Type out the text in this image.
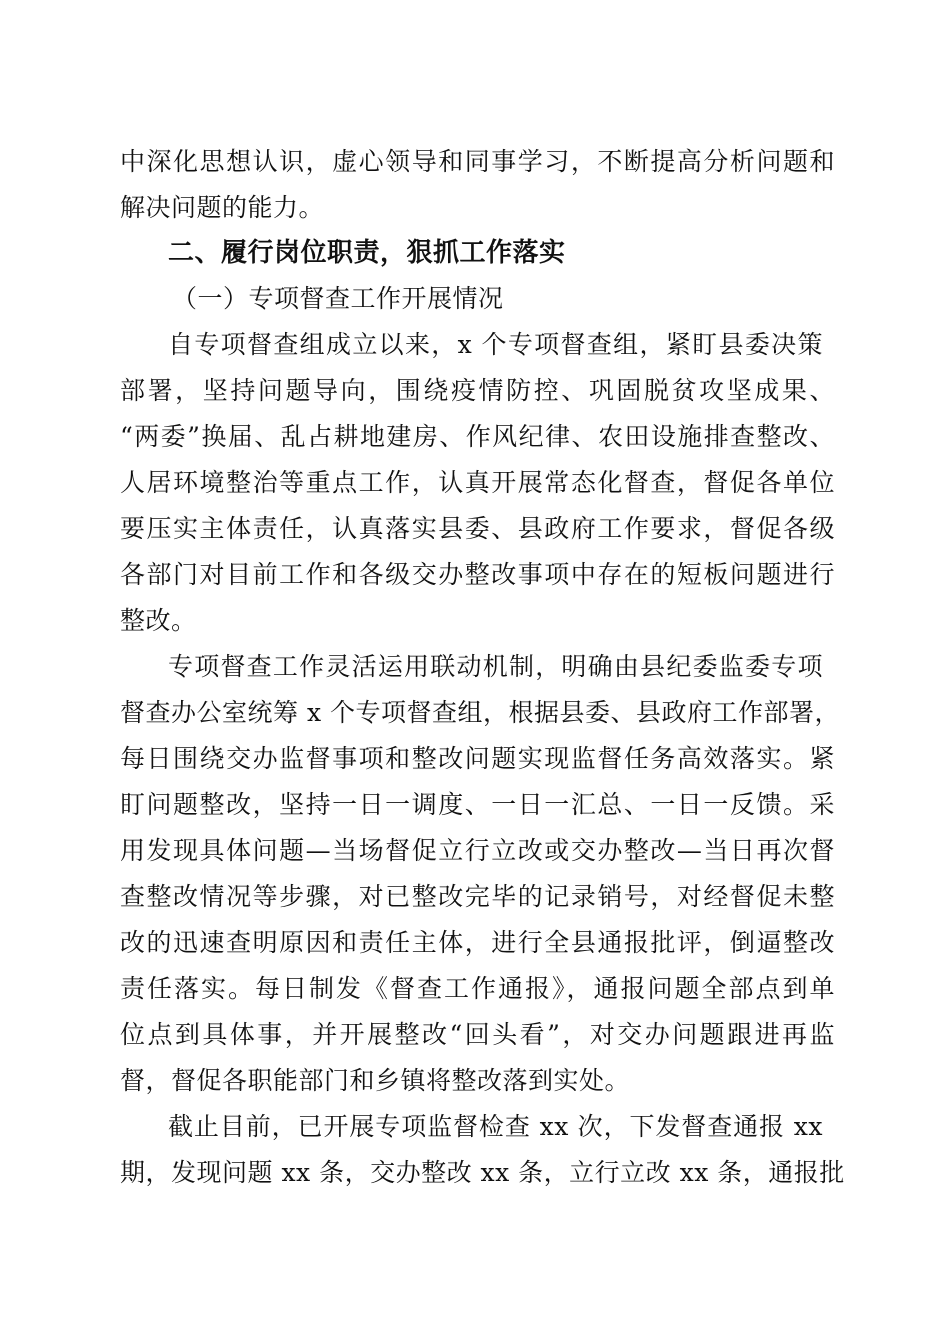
中深化思想认识，虚心领导和同事学习，不断提高分析问题和
解决问题的能力。
二、履行岗位职责，狠抓工作落实
（一）专项督查工作开展情况
自专项督查组成立以来，x 个专项督查组，紧盯县委决策
部署，坚持问题导向，围绕疫情防控、巩固脱贫攻坚成果、
“两委”换届、乱占耕地建房、作风纪律、农田设施排查整改、
人居环境整治等重点工作，认真开展常态化督查，督促各单位
要压实主体责任，认真落实县委、县政府工作要求，督促各级
各部门对目前工作和各级交办整改事项中存在的短板问题进行
整改。
专项督查工作灵活运用联动机制，明确由县纪委监委专项
督查办公室统筹 x 个专项督查组，根据县委、县政府工作部署，
每日围绕交办监督事项和整改问题实现监督任务高效落实。紧
盯问题整改，坚持一日一调度、一日一汇总、一日一反馈。采
用发现具体问题—当场督促立行立改或交办整改—当日再次督
查整改情况等步骤，对已整改完毕的记录销号，对经督促未整
改的迅速查明原因和责任主体，进行全县通报批评，倒逼整改
责任落实。每日制发《督查工作通报》，通报问题全部点到单
位点到具体事，并开展整改“回头看”，对交办问题跟进再监
督，督促各职能部门和乡镇将整改落到实处。
截止目前，已开展专项监督检查 xx 次，下发督查通报 xx
期，发现问题 xx 条，交办整改 xx 条，立行立改 xx 条，通报批
